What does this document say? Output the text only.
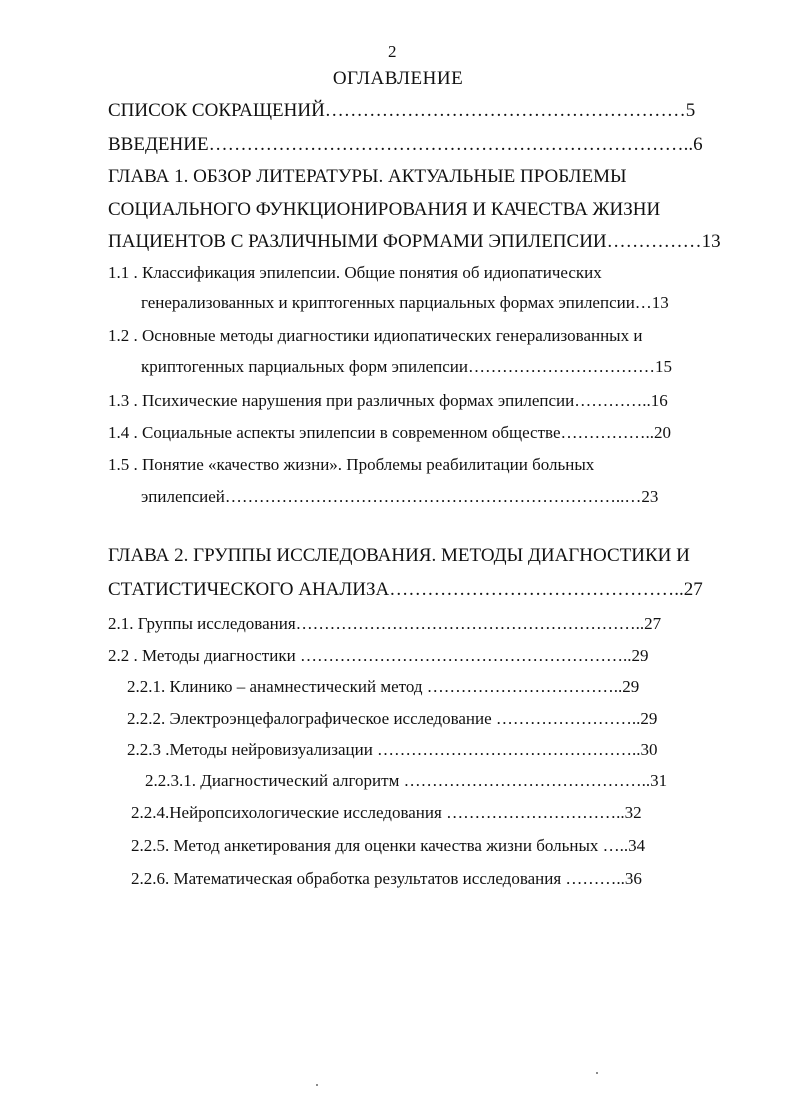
2
ОГЛАВЛЕНИЕ
СПИСОК СОКРАЩЕНИЙ…………………………………………………5
ВВЕДЕНИЕ…………………………………………………………………..6
ГЛАВА 1. ОБЗОР ЛИТЕРАТУРЫ. АКТУАЛЬНЫЕ ПРОБЛЕМЫ
СОЦИАЛЬНОГО ФУНКЦИОНИРОВАНИЯ И КАЧЕСТВА ЖИЗНИ
ПАЦИЕНТОВ С РАЗЛИЧНЫМИ ФОРМАМИ ЭПИЛЕПСИИ……………13
1.1 . Классификация эпилепсии. Общие понятия об идиопатических
генерализованных и криптогенных парциальных формах эпилепсии…13
1.2 . Основные методы диагностики идиопатических генерализованных и
криптогенных парциальных форм эпилепсии……………………………15
1.3 . Психические нарушения при различных формах эпилепсии…………..16
1.4 . Социальные аспекты эпилепсии в современном обществе……………..20
1.5 . Понятие «качество жизни». Проблемы реабилитации больных
эпилепсией……………………………………………………………..…23
ГЛАВА 2. ГРУППЫ ИССЛЕДОВАНИЯ. МЕТОДЫ ДИАГНОСТИКИ И
СТАТИСТИЧЕСКОГО АНАЛИЗА………………………………………..27
2.1. Группы исследования……………………………………………………..27
2.2 . Методы диагностики …………………………………………………..29
2.2.1. Клинико – анамнестический метод ……………………………..29
2.2.2. Электроэнцефалографическое исследование ……………………..29
2.2.3 .Методы нейровизуализации ………………………………………..30
2.2.3.1. Диагностический алгоритм ……………………………………..31
2.2.4.Нейропсихологические исследования …………………………..32
2.2.5. Метод анкетирования для оценки качества жизни больных …..34
2.2.6. Математическая обработка результатов исследования ………..36
